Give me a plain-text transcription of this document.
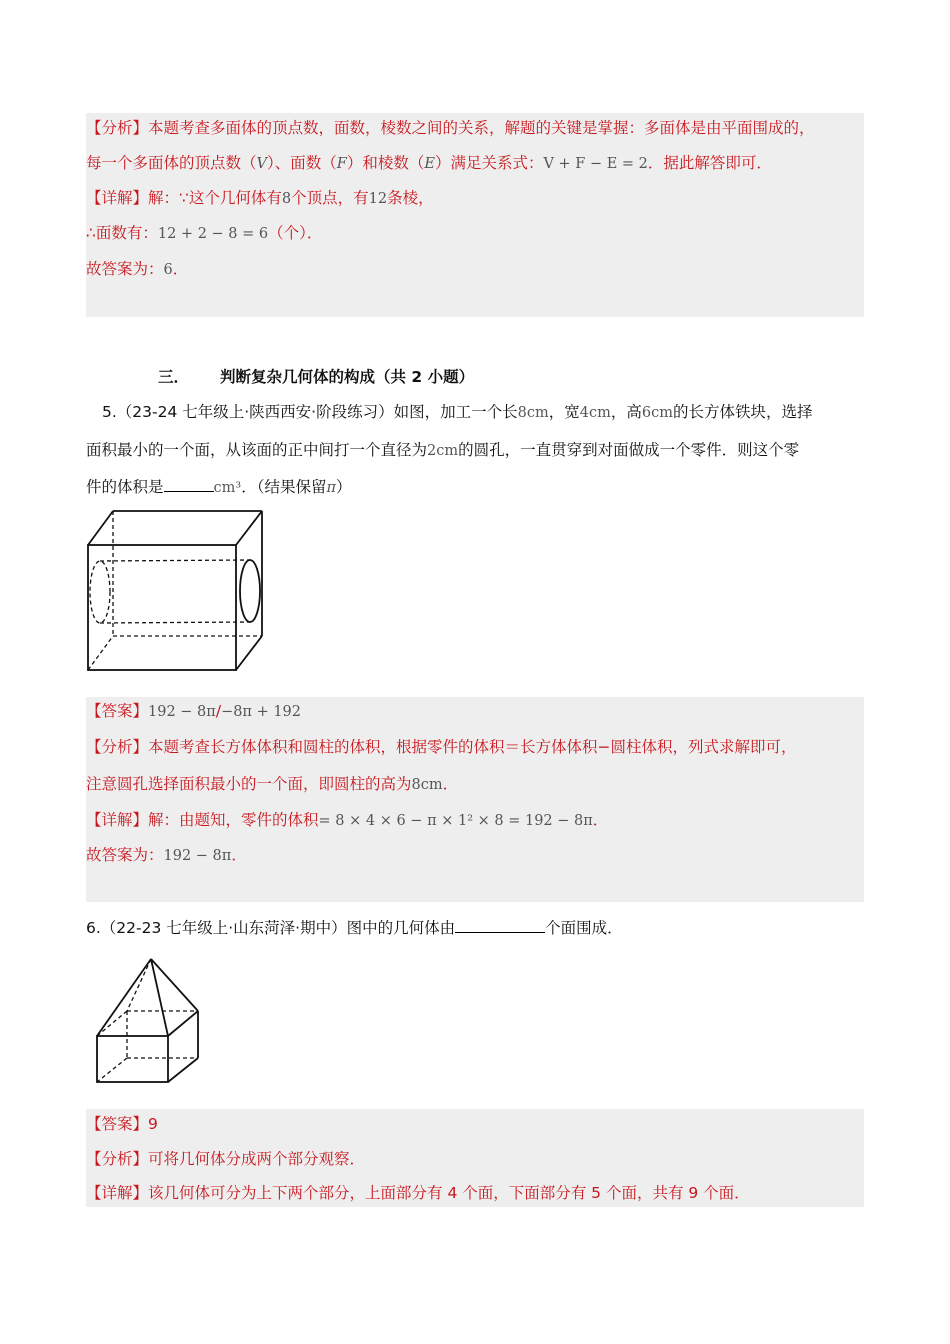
【分析】本题考查多面体的顶点数，面数，棱数之间的关系，解题的关键是掌握：多面体是由平面围成的，
每一个多面体的顶点数（V）、面数（F）和棱数（E）满足关系式：V + F − E = 2．据此解答即可．
【详解】解：∵这个几何体有8个顶点，有12条棱，
∴面数有：12 + 2 − 8 = 6（个）．
故答案为：6．
三． 判断复杂几何体的构成（共 2 小题）
5.（23-24 七年级上·陕西西安·阶段练习）如图，加工一个长8cm，宽4cm，高6cm的长方体铁块，选择
面积最小的一个面，从该面的正中间打一个直径为2cm的圆孔，一直贯穿到对面做成一个零件．则这个零
件的体积是	cm³．（结果保留π）
【答案】192 − 8π/−8π + 192
【分析】本题考查长方体体积和圆柱的体积，根据零件的体积＝长方体体积−圆柱体积，列式求解即可，
注意圆孔选择面积最小的一个面，即圆柱的高为8cm．
【详解】解：由题知，零件的体积= 8 × 4 × 6 − π × 1² × 8 = 192 − 8π．
故答案为：192 − 8π．
6.（22-23 七年级上·山东菏泽·期中）图中的几何体由	个面围成．
【答案】9
【分析】可将几何体分成两个部分观察．
【详解】该几何体可分为上下两个部分，上面部分有 4 个面，下面部分有 5 个面，共有 9 个面．
